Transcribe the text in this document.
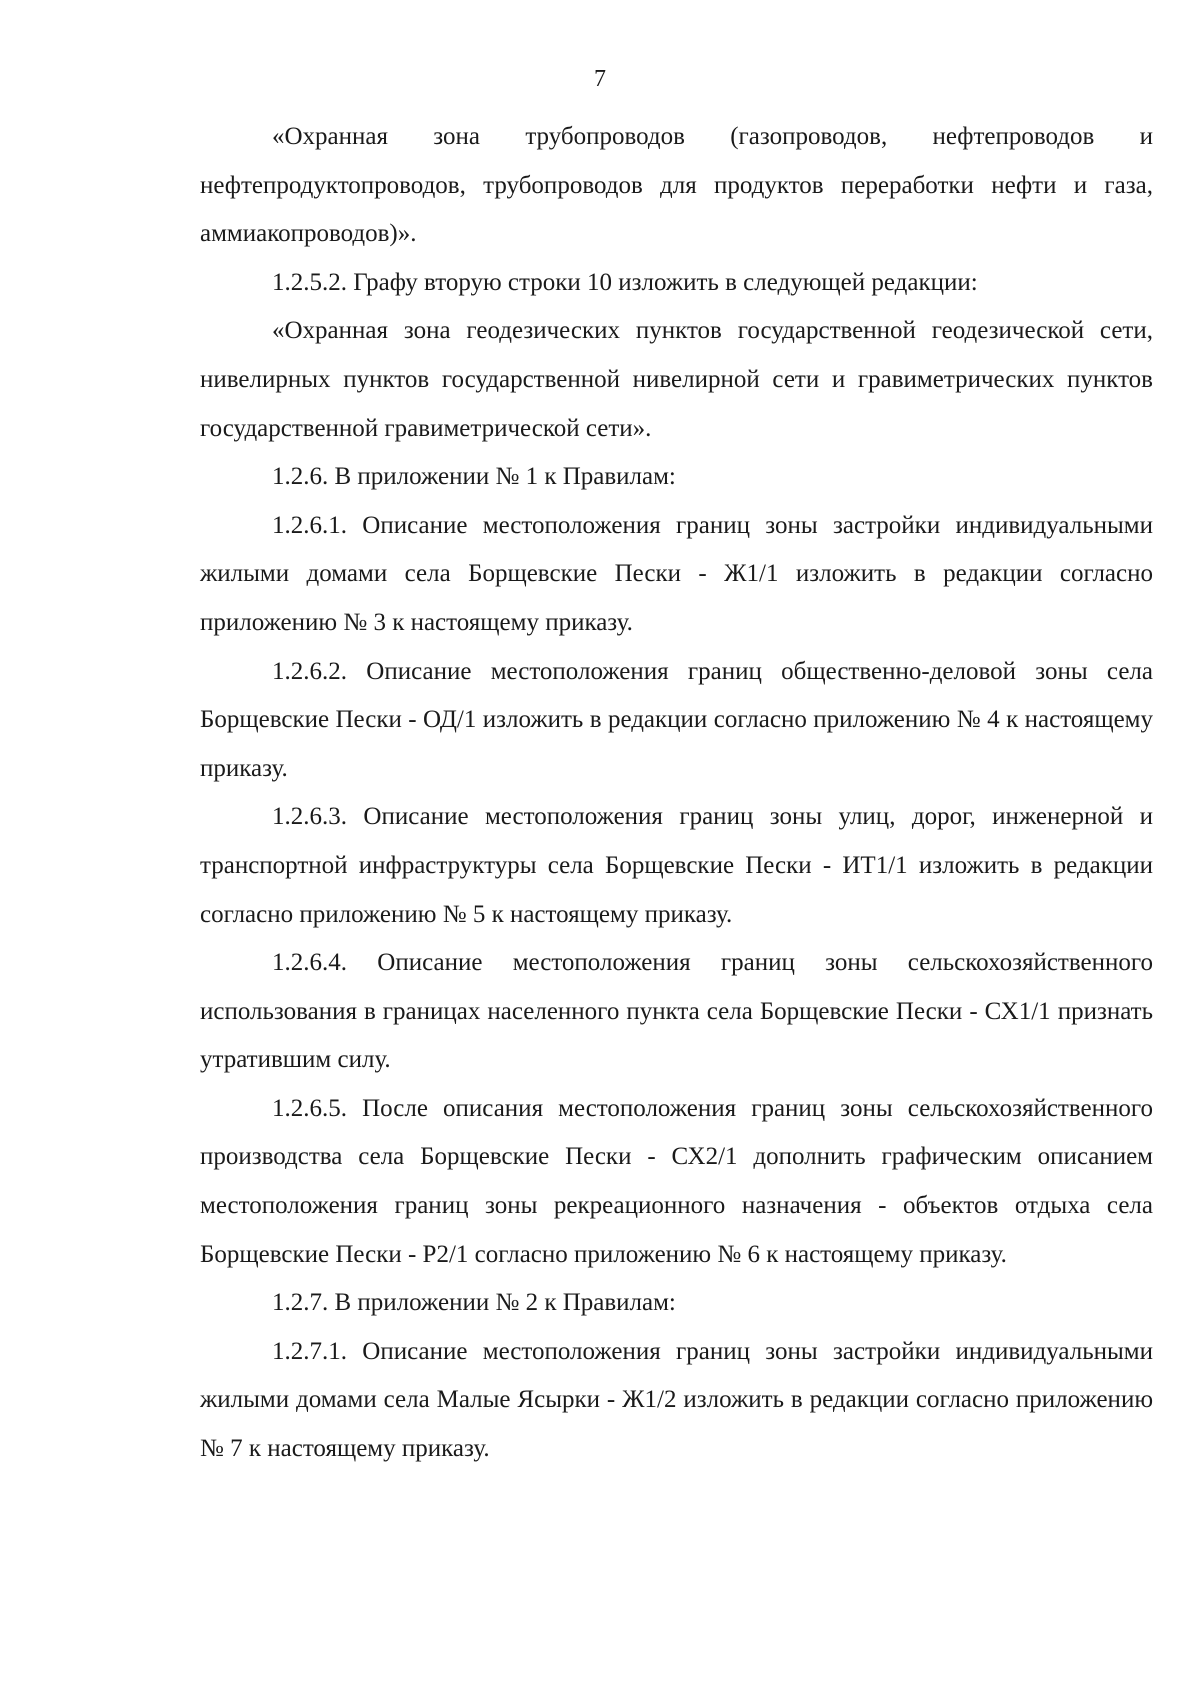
7

«Охранная зона трубопроводов (газопроводов, нефтепроводов и нефтепродуктопроводов, трубопроводов для продуктов переработки нефти и газа, аммиакопроводов)».

1.2.5.2. Графу вторую строки 10 изложить в следующей редакции:

«Охранная зона геодезических пунктов государственной геодезической сети, нивелирных пунктов государственной нивелирной сети и гравиметрических пунктов государственной гравиметрической сети».

1.2.6. В приложении № 1 к Правилам:

1.2.6.1. Описание местоположения границ зоны застройки индивидуальными жилыми домами села Борщевские Пески - Ж1/1 изложить в редакции согласно приложению № 3 к настоящему приказу.

1.2.6.2. Описание местоположения границ общественно-деловой зоны села Борщевские Пески - ОД/1 изложить в редакции согласно приложению № 4 к настоящему приказу.

1.2.6.3. Описание местоположения границ зоны улиц, дорог, инженерной и транспортной инфраструктуры села Борщевские Пески - ИТ1/1 изложить в редакции согласно приложению № 5 к настоящему приказу.

1.2.6.4. Описание местоположения границ зоны сельскохозяйственного использования в границах населенного пункта села Борщевские Пески - СХ1/1 признать утратившим силу.

1.2.6.5. После описания местоположения границ зоны сельскохозяйственного производства села Борщевские Пески - СХ2/1 дополнить графическим описанием местоположения границ зоны рекреационного назначения - объектов отдыха села Борщевские Пески - Р2/1 согласно приложению № 6 к настоящему приказу.

1.2.7. В приложении № 2 к Правилам:

1.2.7.1. Описание местоположения границ зоны застройки индивидуальными жилыми домами села Малые Ясырки - Ж1/2 изложить в редакции согласно приложению № 7 к настоящему приказу.
